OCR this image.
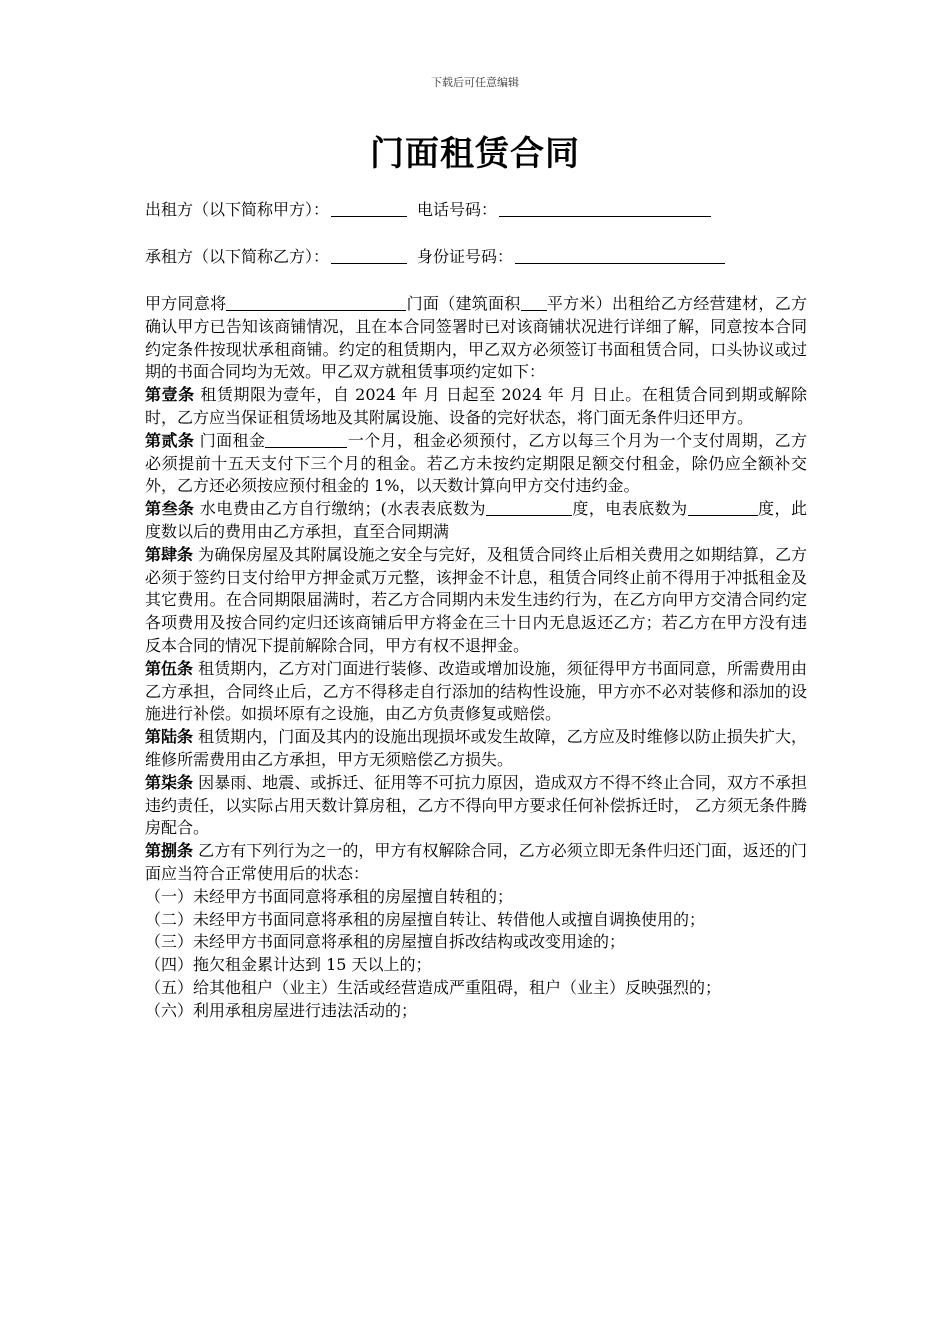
下载后可任意编辑
门面租赁合同
出租方（以下简称甲方）：	电话号码：
承租方（以下简称乙方）：	身份证号码：

甲方同意将	门面（建筑面积 平方米）出租给乙方经营建材，乙方确认甲方已告知该商铺情况，且在本合同签署时已对该商铺状况进行详细了解，同意按本合同约定条件按现状承租商铺。约定的租赁期内，甲乙双方必须签订书面租赁合同，口头协议或过期的书面合同均为无效。甲乙双方就租赁事项约定如下：

第壹条 租赁期限为壹年，自 2024 年 月 日起至 2024 年 月 日止。在租赁合同到期或解除时，乙方应当保证租赁场地及其附属设施、设备的完好状态，将门面无条件归还甲方。

第贰条 门面租金	一个月，租金必须预付，乙方以每三个月为一个支付周期，乙方必须提前十五天支付下三个月的租金。若乙方未按约定期限足额交付租金，除仍应全额补交外，乙方还必须按应预付租金的 1%，以天数计算向甲方交付违约金。

第叁条 水电费由乙方自行缴纳；(水表表底数为	度，电表底数为	度，此度数以后的费用由乙方承担，直至合同期满

第肆条 为确保房屋及其附属设施之安全与完好，及租赁合同终止后相关费用之如期结算，乙方必须于签约日支付给甲方押金贰万元整，该押金不计息，租赁合同终止前不得用于冲抵租金及其它费用。在合同期限届满时，若乙方合同期内未发生违约行为，在乙方向甲方交清合同约定各项费用及按合同约定归还该商铺后甲方将金在三十日内无息返还乙方；若乙方在甲方没有违反本合同的情况下提前解除合同，甲方有权不退押金。

第伍条 租赁期内，乙方对门面进行装修、改造或增加设施，须征得甲方书面同意，所需费用由乙方承担，合同终止后，乙方不得移走自行添加的结构性设施，甲方亦不必对装修和添加的设施进行补偿。如损坏原有之设施，由乙方负责修复或赔偿。

第陆条 租赁期内，门面及其内的设施出现损坏或发生故障，乙方应及时维修以防止损失扩大，维修所需费用由乙方承担，甲方无须赔偿乙方损失。

第柒条 因暴雨、地震、或拆迁、征用等不可抗力原因，造成双方不得不终止合同，双方不承担违约责任，以实际占用天数计算房租，乙方不得向甲方要求任何补偿拆迁时， 乙方须无条件腾房配合。

第捌条 乙方有下列行为之一的，甲方有权解除合同，乙方必须立即无条件归还门面，返还的门面应当符合正常使用后的状态：

（一）未经甲方书面同意将承租的房屋擅自转租的；

（二）未经甲方书面同意将承租的房屋擅自转让、转借他人或擅自调换使用的；

（三）未经甲方书面同意将承租的房屋擅自拆改结构或改变用途的；

（四）拖欠租金累计达到 15 天以上的；

（五）给其他租户（业主）生活或经营造成严重阻碍，租户（业主）反映强烈的；

（六）利用承租房屋进行违法活动的；
